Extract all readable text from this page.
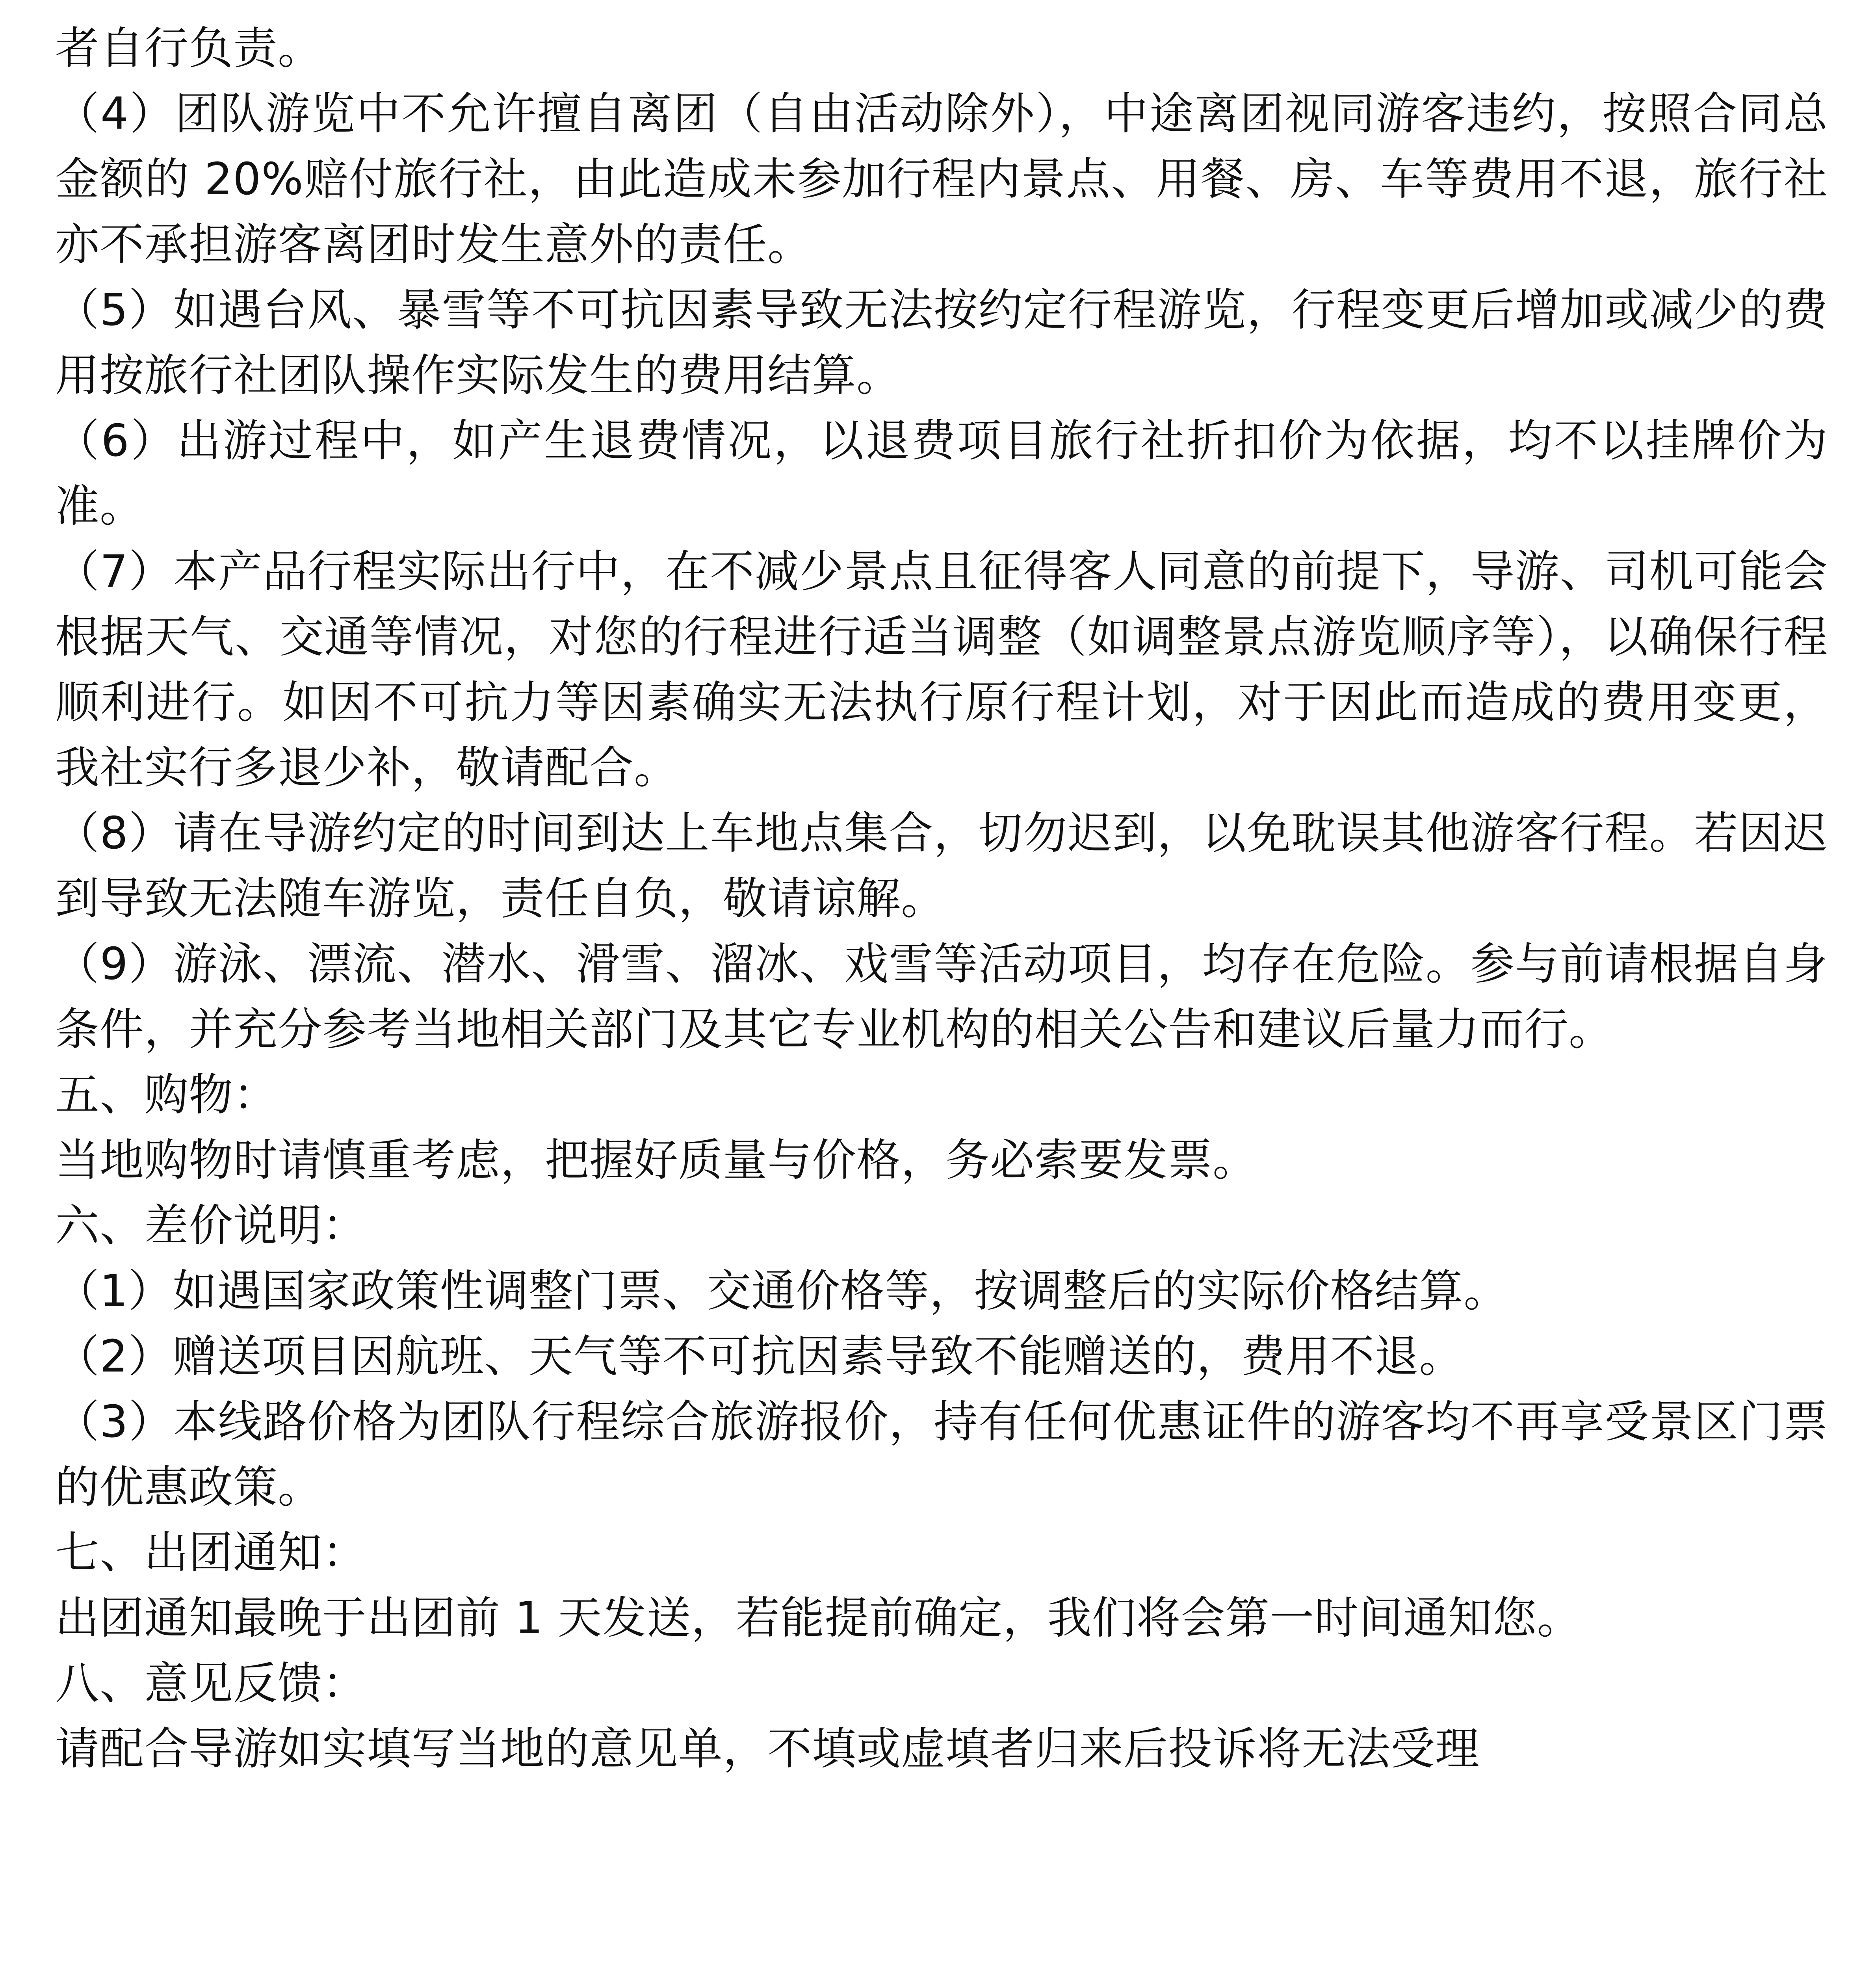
者自行负责。

（4）团队游览中不允许擅自离团（自由活动除外），中途离团视同游客违约，按照合同总金额的 20%赔付旅行社，由此造成未参加行程内景点、用餐、房、车等费用不退，旅行社亦不承担游客离团时发生意外的责任。

（5）如遇台风、暴雪等不可抗因素导致无法按约定行程游览，行程变更后增加或减少的费用按旅行社团队操作实际发生的费用结算。

（6）出游过程中，如产生退费情况，以退费项目旅行社折扣价为依据，均不以挂牌价为准。

（7）本产品行程实际出行中，在不减少景点且征得客人同意的前提下，导游、司机可能会根据天气、交通等情况，对您的行程进行适当调整（如调整景点游览顺序等），以确保行程顺利进行。如因不可抗力等因素确实无法执行原行程计划，对于因此而造成的费用变更，我社实行多退少补，敬请配合。

（8）请在导游约定的时间到达上车地点集合，切勿迟到，以免耽误其他游客行程。若因迟到导致无法随车游览，责任自负，敬请谅解。

（9）游泳、漂流、潜水、滑雪、溜冰、戏雪等活动项目，均存在危险。参与前请根据自身条件，并充分参考当地相关部门及其它专业机构的相关公告和建议后量力而行。

五、购物：

当地购物时请慎重考虑，把握好质量与价格，务必索要发票。

六、差价说明：

（1）如遇国家政策性调整门票、交通价格等，按调整后的实际价格结算。

（2）赠送项目因航班、天气等不可抗因素导致不能赠送的，费用不退。

（3）本线路价格为团队行程综合旅游报价，持有任何优惠证件的游客均不再享受景区门票的优惠政策。

七、出团通知：

出团通知最晚于出团前 1 天发送，若能提前确定，我们将会第一时间通知您。

八、意见反馈：

请配合导游如实填写当地的意见单，不填或虚填者归来后投诉将无法受理
